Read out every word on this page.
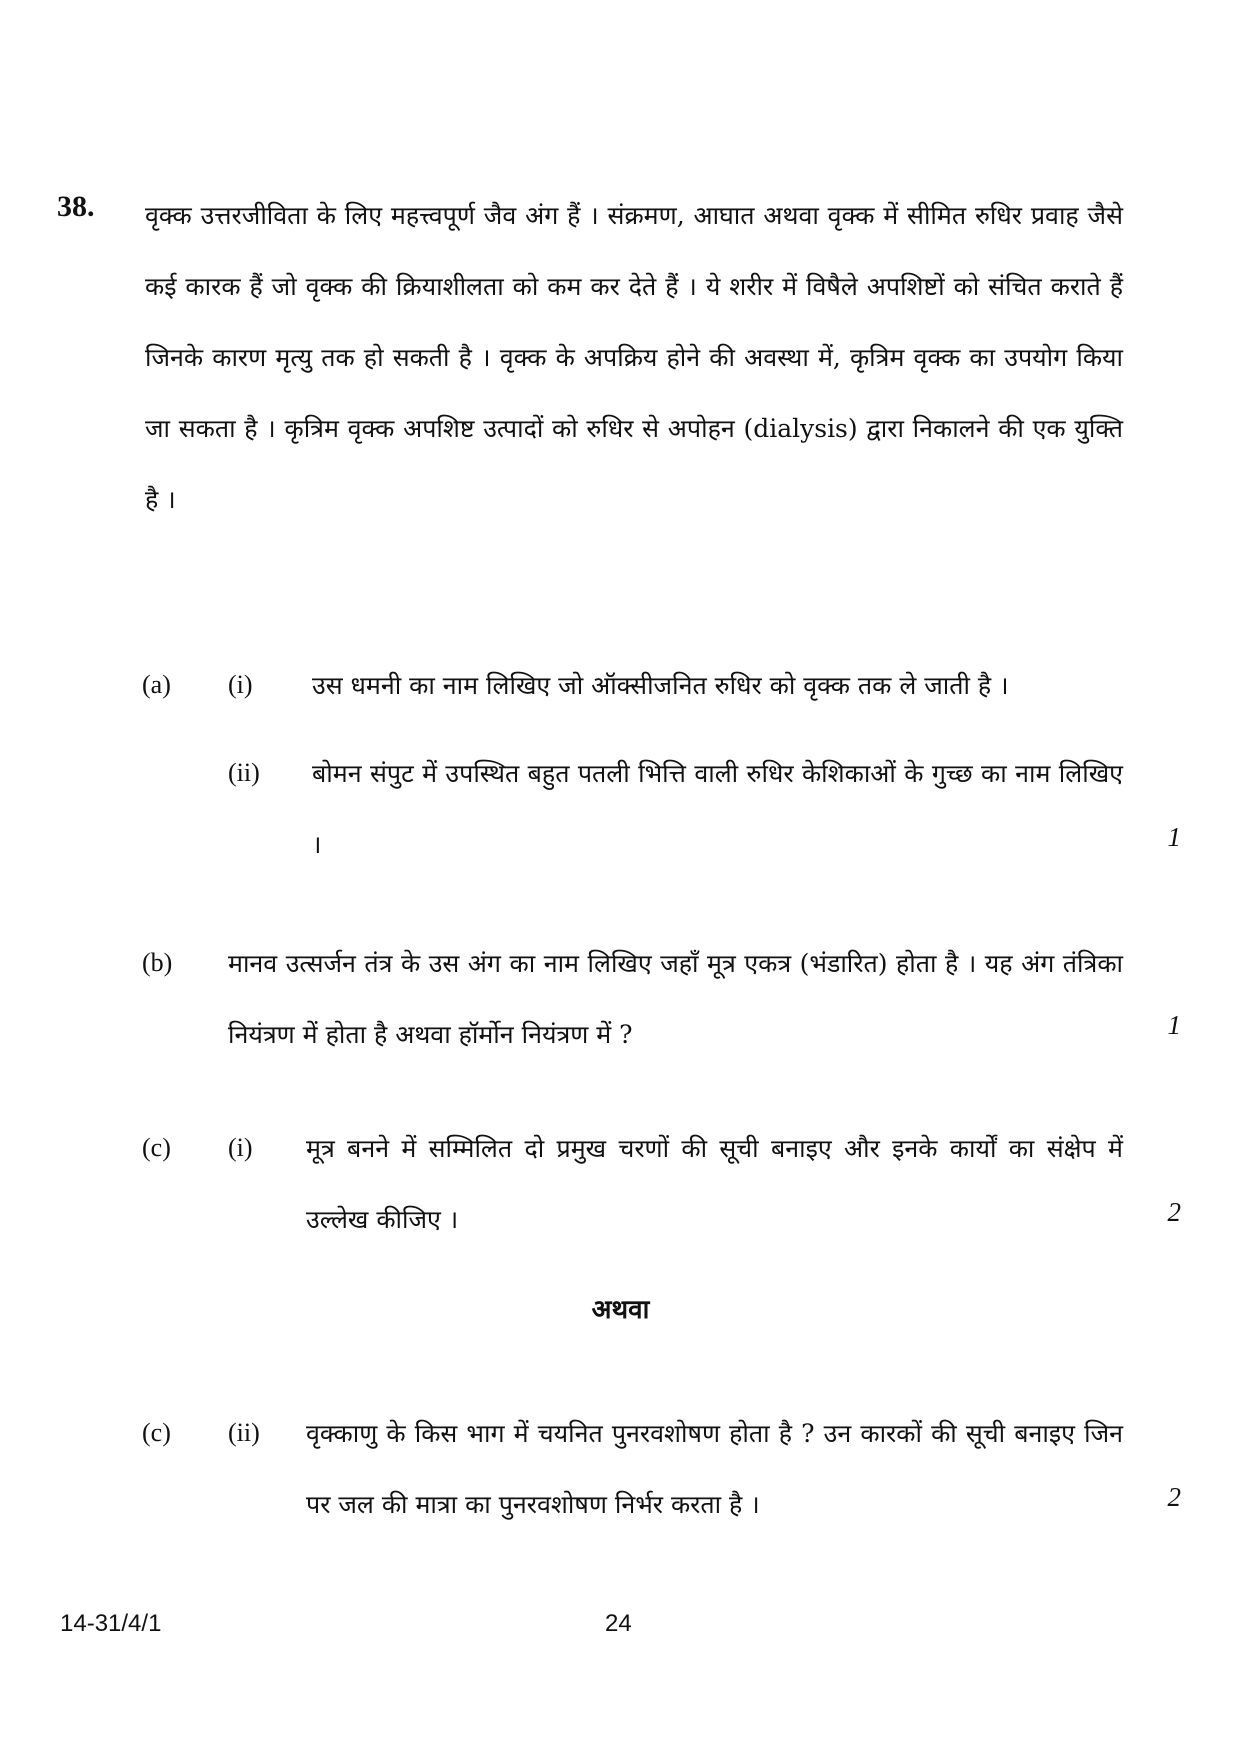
38. वृक्क उत्तरजीविता के लिए महत्त्वपूर्ण जैव अंग हैं । संक्रमण, आघात अथवा वृक्क में सीमित रुधिर प्रवाह जैसे कई कारक हैं जो वृक्क की क्रियाशीलता को कम कर देते हैं । ये शरीर में विषैले अपशिष्टों को संचित कराते हैं जिनके कारण मृत्यु तक हो सकती है । वृक्क के अपक्रिय होने की अवस्था में, कृत्रिम वृक्क का उपयोग किया जा सकता है । कृत्रिम वृक्क अपशिष्ट उत्पादों को रुधिर से अपोहन (dialysis) द्वारा निकालने की एक युक्ति है ।
(a) (i) उस धमनी का नाम लिखिए जो ऑक्सीजनित रुधिर को वृक्क तक ले जाती है ।
(ii) बोमन संपुट में उपस्थित बहुत पतली भित्ति वाली रुधिर केशिकाओं के गुच्छ का नाम लिखिए ।	1
(b) मानव उत्सर्जन तंत्र के उस अंग का नाम लिखिए जहाँ मूत्र एकत्र (भंडारित) होता है । यह अंग तंत्रिका नियंत्रण में होता है अथवा हॉर्मोन नियंत्रण में ?	1
(c) (i) मूत्र बनने में सम्मिलित दो प्रमुख चरणों की सूची बनाइए और इनके कार्यों का संक्षेप में उल्लेख कीजिए ।	2
अथवा
(c) (ii) वृक्काणु के किस भाग में चयनित पुनरवशोषण होता है ? उन कारकों की सूची बनाइए जिन पर जल की मात्रा का पुनरवशोषण निर्भर करता है ।	2
14-31/4/1	24
